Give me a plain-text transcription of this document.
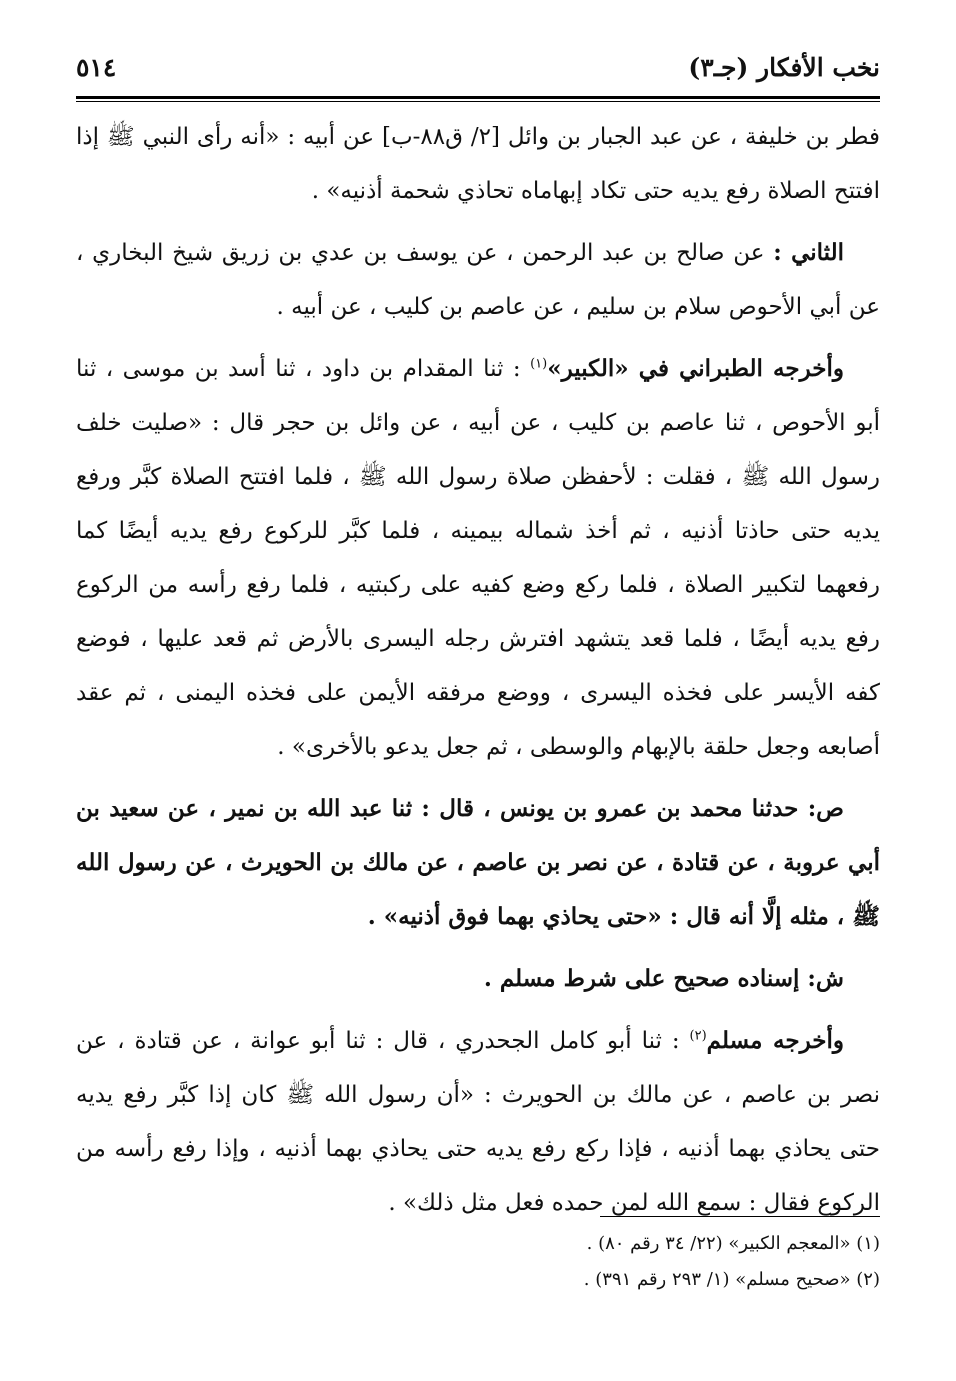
نخب الأفكار (جـ٣)
٥١٤

فطر بن خليفة ، عن عبد الجبار بن وائل [٢/ ق٨٨-ب] عن أبيه : «أنه رأى النبي ﷺ إذا افتتح الصلاة رفع يديه حتى تكاد إبهاماه تحاذي شحمة أذنيه» .

الثاني : عن صالح بن عبد الرحمن ، عن يوسف بن عدي بن زريق شيخ البخاري ، عن أبي الأحوص سلام بن سليم ، عن عاصم بن كليب ، عن أبيه .

وأخرجه الطبراني في «الكبير»$^{(١)}$ : ثنا المقدام بن داود ، ثنا أسد بن موسى ، ثنا أبو الأحوص ، ثنا عاصم بن كليب ، عن أبيه ، عن وائل بن حجر قال : «صليت خلف رسول الله ﷺ ، فقلت : لأحفظن صلاة رسول الله ﷺ ، فلما افتتح الصلاة كبَّر ورفع يديه حتى حاذتا أذنيه ، ثم أخذ شماله بيمينه ، فلما كبَّر للركوع رفع يديه أيضًا كما رفعهما لتكبير الصلاة ، فلما ركع وضع كفيه على ركبتيه ، فلما رفع رأسه من الركوع رفع يديه أيضًا ، فلما قعد يتشهد افترش رجله اليسرى بالأرض ثم قعد عليها ، فوضع كفه الأيسر على فخذه اليسرى ، ووضع مرفقه الأيمن على فخذه اليمنى ، ثم عقد أصابعه وجعل حلقة بالإبهام والوسطى ، ثم جعل يدعو بالأخرى» .

ص: حدثنا محمد بن عمرو بن يونس ، قال : ثنا عبد الله بن نمير ، عن سعيد بن أبي عروبة ، عن قتادة ، عن نصر بن عاصم ، عن مالك بن الحويرث ، عن رسول الله ﷺ ، مثله إلَّا أنه قال : «حتى يحاذي بهما فوق أذنيه» .

ش: إسناده صحيح على شرط مسلم .

وأخرجه مسلم$^{(٢)}$ : ثنا أبو كامل الجحدري ، قال : ثنا أبو عوانة ، عن قتادة ، عن نصر بن عاصم ، عن مالك بن الحويرث : «أن رسول الله ﷺ كان إذا كبَّر رفع يديه حتى يحاذي بهما أذنيه ، فإذا ركع رفع يديه حتى يحاذي بهما أذنيه ، وإذا رفع رأسه من الركوع فقال : سمع الله لمن حمده فعل مثل ذلك» .

(١) «المعجم الكبير» (٢٢/ ٣٤ رقم ٨٠) .
(٢) «صحيح مسلم» (١/ ٢٩٣ رقم ٣٩١) .
